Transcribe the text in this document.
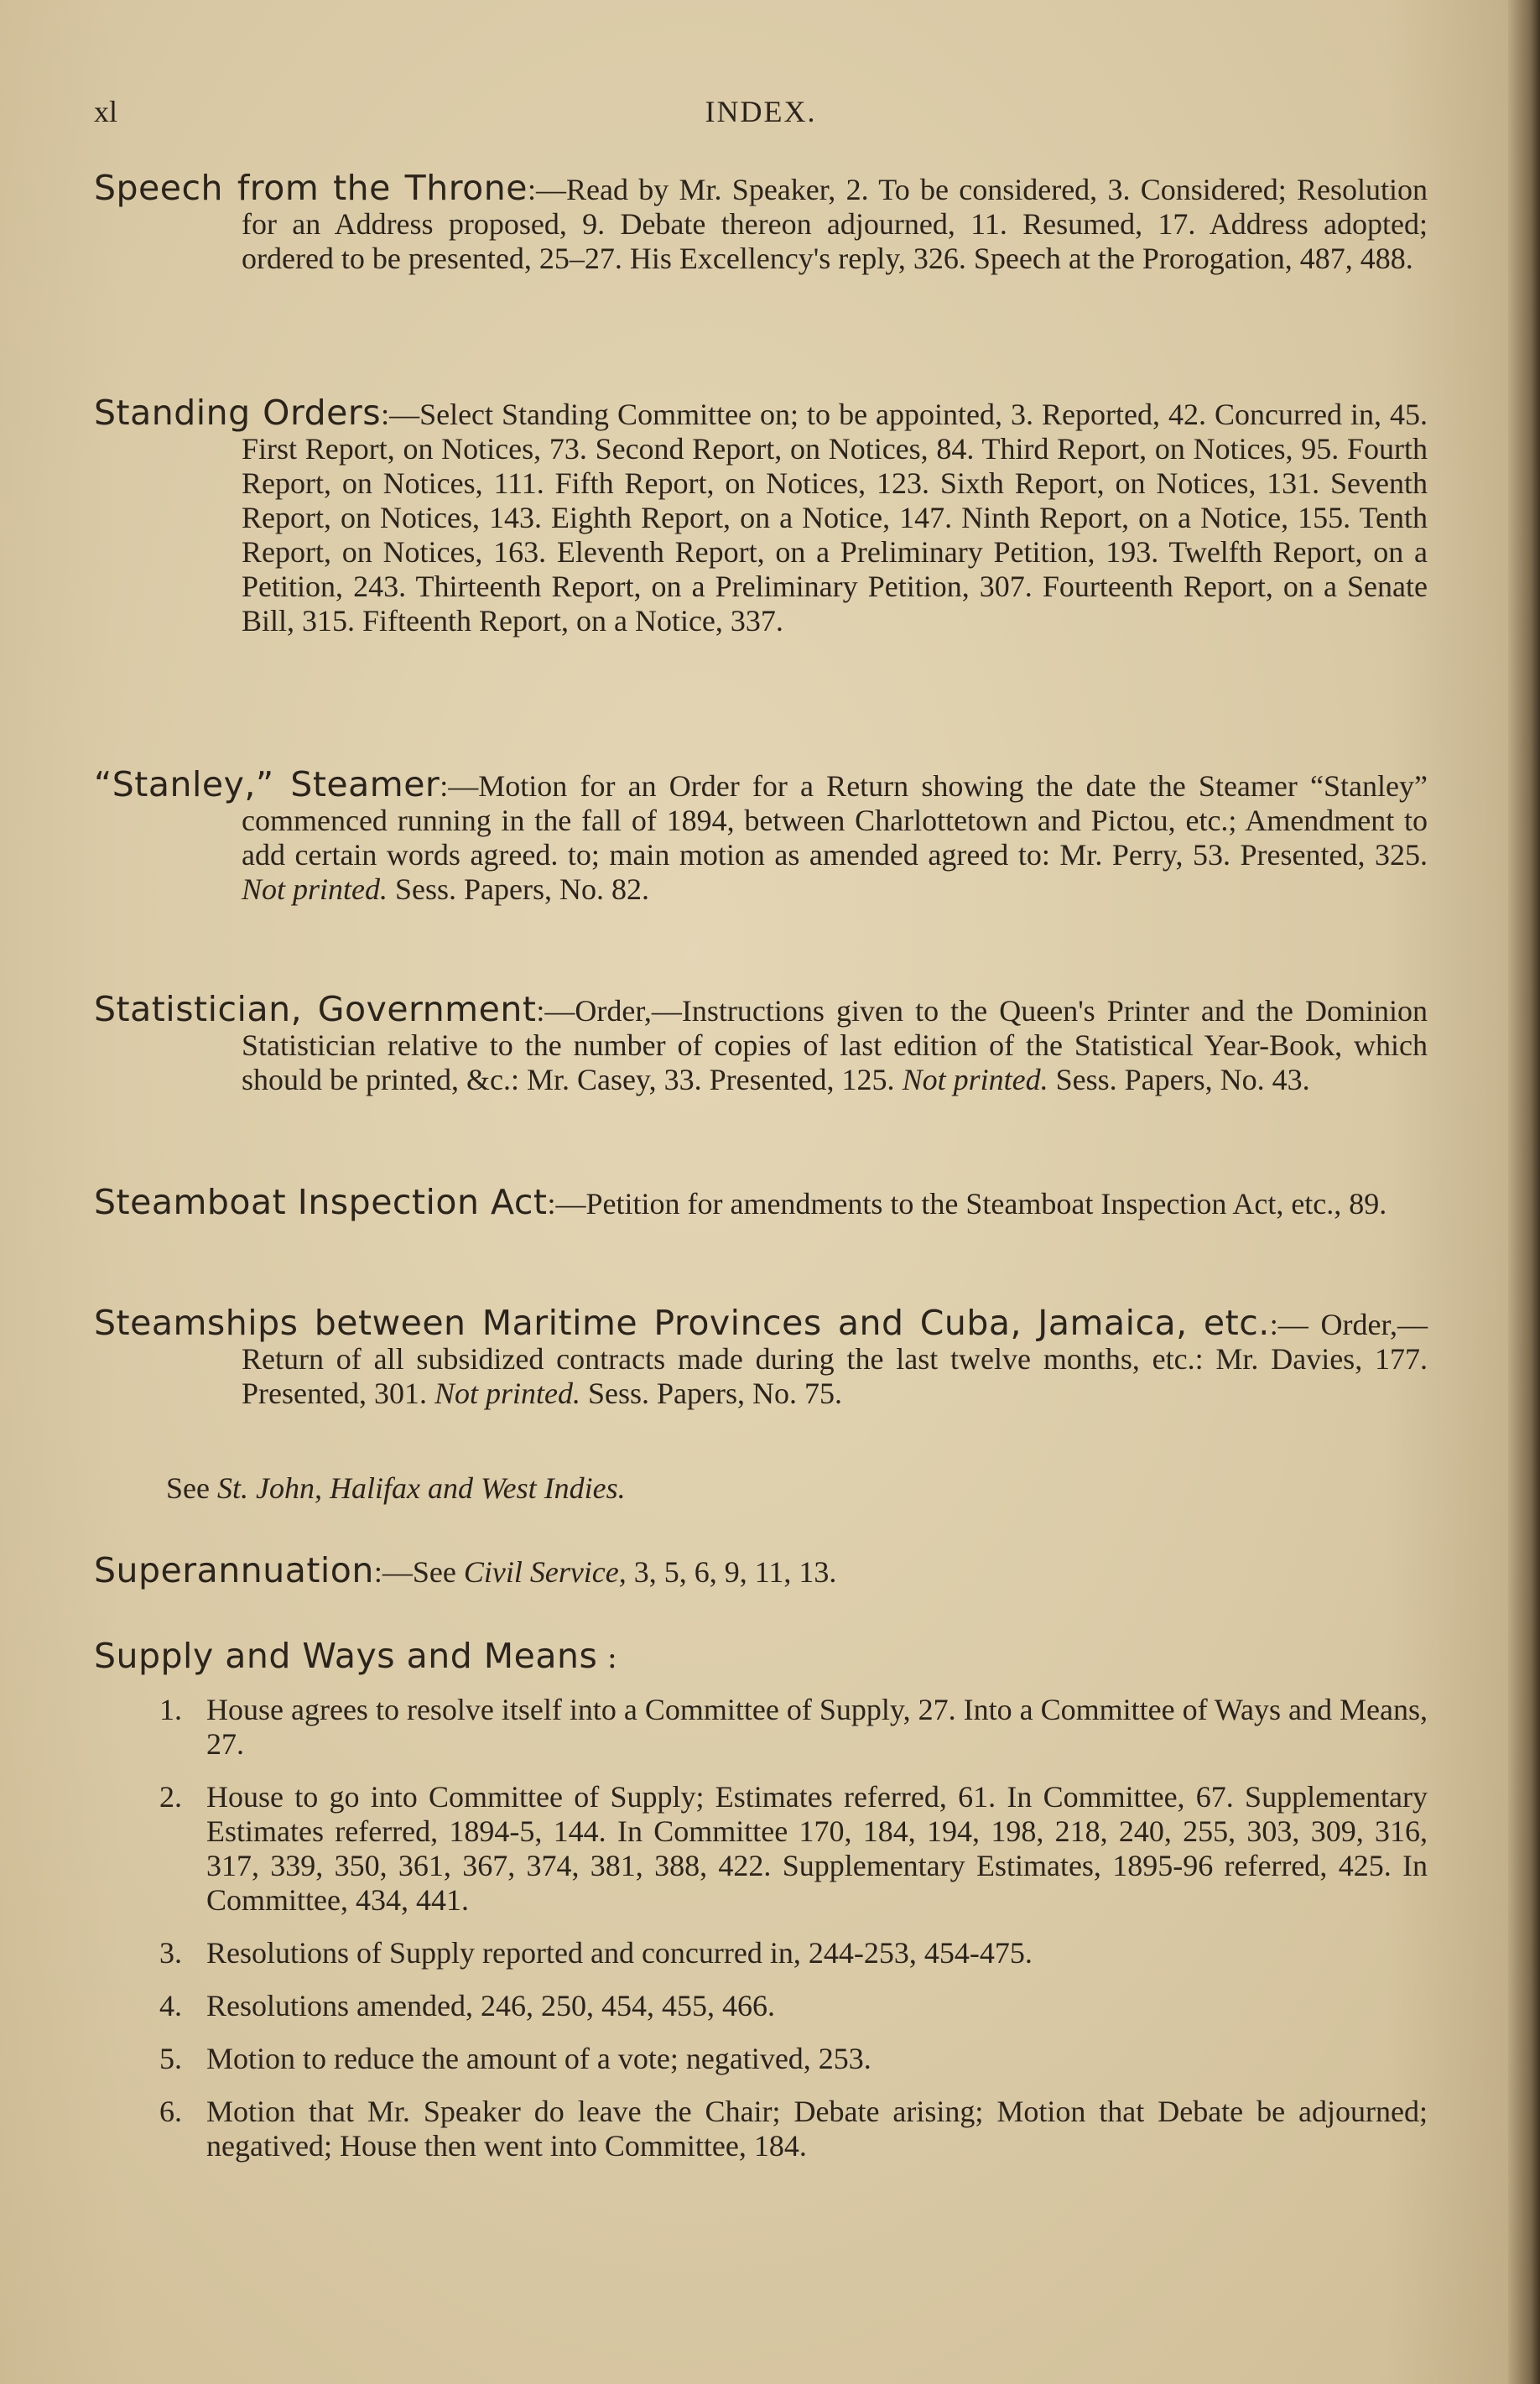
INDEX.
xl

Speech from the Throne:—Read by Mr. Speaker, 2. To be considered, 3. Considered; Resolution for an Address proposed, 9. Debate thereon adjourned, 11. Resumed, 17. Address adopted; ordered to be presented, 25–27. His Excellency's reply, 326. Speech at the Prorogation, 487, 488.

Standing Orders:—Select Standing Committee on; to be appointed, 3. Reported, 42. Concurred in, 45. First Report, on Notices, 73. Second Report, on Notices, 84. Third Report, on Notices, 95. Fourth Report, on Notices, 111. Fifth Report, on Notices, 123. Sixth Report, on Notices, 131. Seventh Report, on Notices, 143. Eighth Report, on a Notice, 147. Ninth Report, on a Notice, 155. Tenth Report, on Notices, 163. Eleventh Report, on a Preliminary Petition, 193. Twelfth Report, on a Petition, 243. Thirteenth Report, on a Preliminary Petition, 307. Fourteenth Report, on a Senate Bill, 315. Fifteenth Report, on a Notice, 337.

“Stanley,” Steamer:—Motion for an Order for a Return showing the date the Steamer “Stanley” commenced running in the fall of 1894, between Charlottetown and Pictou, etc.; Amendment to add certain words agreed. to; main motion as amended agreed to: Mr. Perry, 53. Presented, 325. Not printed. Sess. Papers, No. 82.

Statistician, Government:—Order,—Instructions given to the Queen's Printer and the Dominion Statistician relative to the number of copies of last edition of the Statistical Year-Book, which should be printed, &c.: Mr. Casey, 33. Presented, 125. Not printed. Sess. Papers, No. 43.

Steamboat Inspection Act:—Petition for amendments to the Steamboat Inspection Act, etc., 89.

Steamships between Maritime Provinces and Cuba, Jamaica, etc.:— Order,—Return of all subsidized contracts made during the last twelve months, etc.: Mr. Davies, 177. Presented, 301. Not printed. Sess. Papers, No. 75.

See St. John, Halifax and West Indies.

Superannuation:—See Civil Service, 3, 5, 6, 9, 11, 13.

Supply and Ways and Means :
1. House agrees to resolve itself into a Committee of Supply, 27. Into a Committee of Ways and Means, 27.
2. House to go into Committee of Supply; Estimates referred, 61. In Committee, 67. Supplementary Estimates referred, 1894-5, 144. In Committee 170, 184, 194, 198, 218, 240, 255, 303, 309, 316, 317, 339, 350, 361, 367, 374, 381, 388, 422. Supplementary Estimates, 1895-96 referred, 425. In Committee, 434, 441.
3. Resolutions of Supply reported and concurred in, 244-253, 454-475.
4. Resolutions amended, 246, 250, 454, 455, 466.
5. Motion to reduce the amount of a vote; negatived, 253.
6. Motion that Mr. Speaker do leave the Chair; Debate arising; Motion that Debate be adjourned; negatived; House then went into Committee, 184.
